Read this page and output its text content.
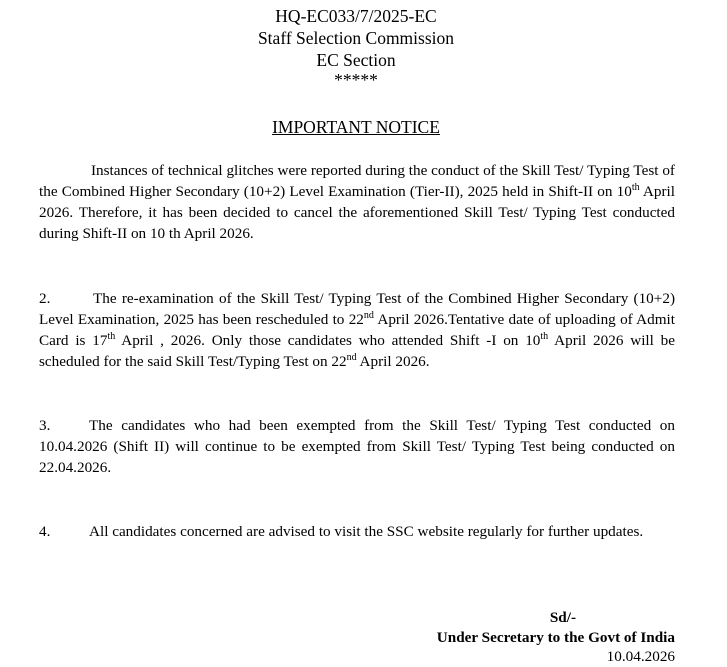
HQ-EC033/7/2025-EC
Staff Selection Commission
EC Section
*****
IMPORTANT NOTICE

Instances of technical glitches were reported during the conduct of the Skill Test/ Typing Test of the Combined Higher Secondary (10+2) Level Examination (Tier-II), 2025 held in Shift-II on 10th April 2026. Therefore, it has been decided to cancel the aforementioned Skill Test/ Typing Test conducted during Shift-II on 10 th April 2026.

2.	The re-examination of the Skill Test/ Typing Test of the Combined Higher Secondary (10+2) Level Examination, 2025 has been rescheduled to 22nd April 2026.Tentative date of uploading of Admit Card is 17th April , 2026. Only those candidates who attended Shift -I on 10th April 2026 will be scheduled for the said Skill Test/Typing Test on 22nd April 2026.

3.	The candidates who had been exempted from the Skill Test/ Typing Test conducted on 10.04.2026 (Shift II) will continue to be exempted from Skill Test/ Typing Test being conducted on 22.04.2026.

4.	All candidates concerned are advised to visit the SSC website regularly for further updates.

Sd/-
Under Secretary to the Govt of India
10.04.2026
